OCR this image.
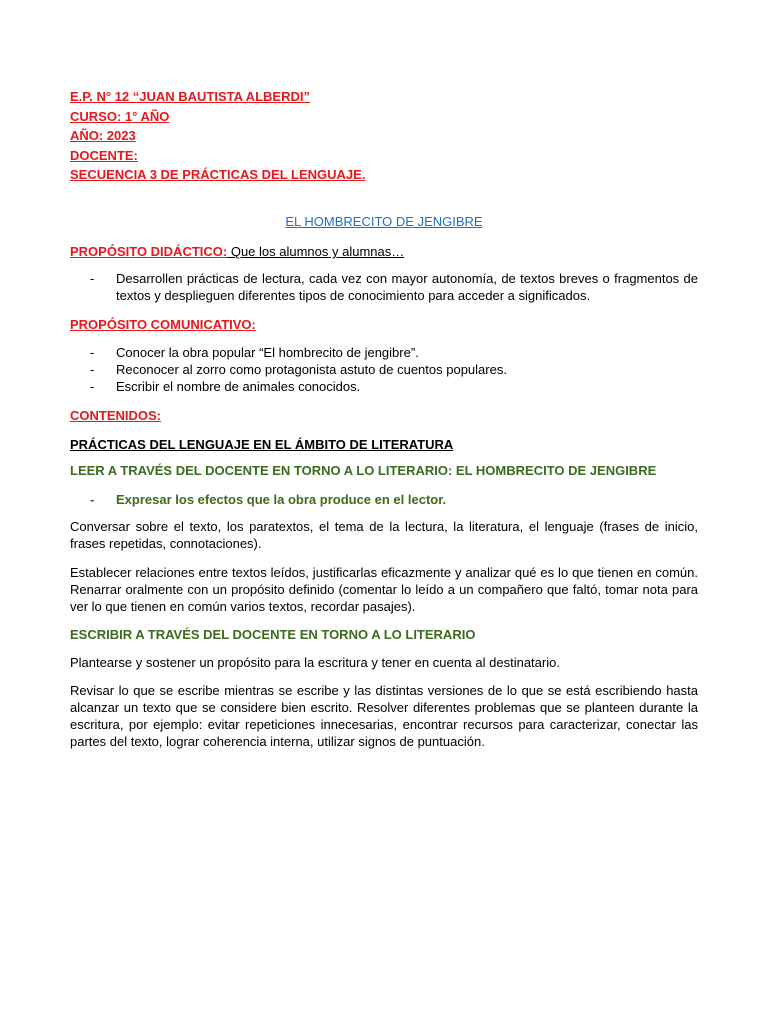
E.P. N° 12 “JUAN BAUTISTA ALBERDI”
CURSO: 1° AÑO
AÑO: 2023
DOCENTE:
SECUENCIA 3 DE PRÁCTICAS DEL LENGUAJE.
EL HOMBRECITO DE JENGIBRE
PROPÓSITO DIDÁCTICO: Que los alumnos y alumnas…
-	Desarrollen prácticas de lectura, cada vez con mayor autonomía, de textos breves o fragmentos de textos y desplieguen diferentes tipos de conocimiento para acceder a significados.
PROPÓSITO COMUNICATIVO:
-	Conocer la obra popular “El hombrecito de jengibre”.
-	Reconocer al zorro como protagonista astuto de cuentos populares.
-	Escribir el nombre de animales conocidos.
CONTENIDOS:
PRÁCTICAS DEL LENGUAJE EN EL ÁMBITO DE LITERATURA
LEER A TRAVÉS DEL DOCENTE EN TORNO A LO LITERARIO: EL HOMBRECITO DE JENGIBRE
-	Expresar los efectos que la obra produce en el lector.
Conversar sobre el texto, los paratextos, el tema de la lectura, la literatura, el lenguaje (frases de inicio, frases repetidas, connotaciones).
Establecer relaciones entre textos leídos, justificarlas eficazmente y analizar qué es lo que tienen en común. Renarrar oralmente con un propósito definido (comentar lo leído a un compañero que faltó, tomar nota para ver lo que tienen en común varios textos, recordar pasajes).
ESCRIBIR A TRAVÉS DEL DOCENTE EN TORNO A LO LITERARIO
Plantearse y sostener un propósito para la escritura y tener en cuenta al destinatario.
Revisar lo que se escribe mientras se escribe y las distintas versiones de lo que se está escribiendo hasta alcanzar un texto que se considere bien escrito. Resolver diferentes problemas que se planteen durante la escritura, por ejemplo: evitar repeticiones innecesarias, encontrar recursos para caracterizar, conectar las partes del texto, lograr coherencia interna, utilizar signos de puntuación.
